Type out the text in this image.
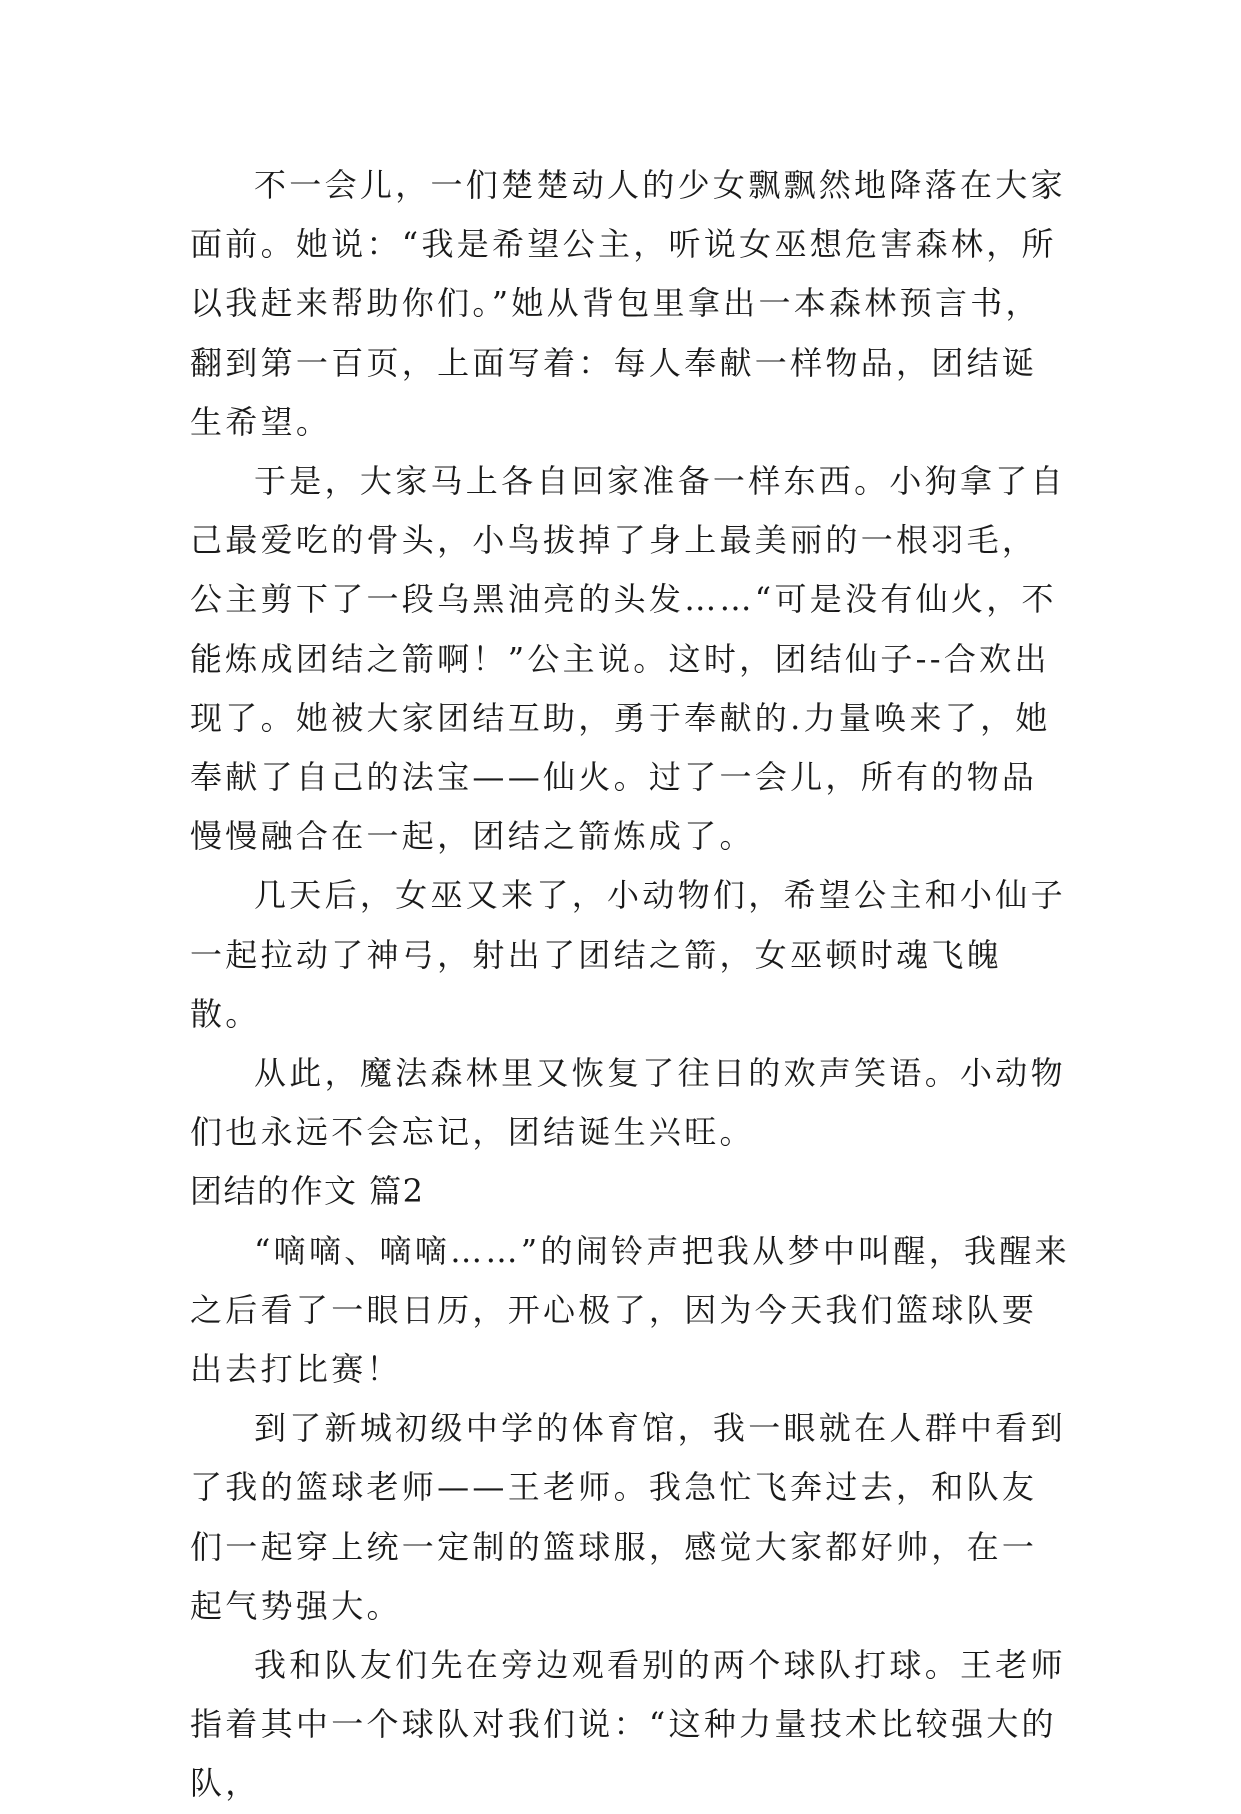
不一会儿，一们楚楚动人的少女飘飘然地降落在大家面前。她说：“我是希望公主，听说女巫想危害森林，所以我赶来帮助你们。”她从背包里拿出一本森林预言书，翻到第一百页，上面写着：每人奉献一样物品，团结诞生希望。

于是，大家马上各自回家准备一样东西。小狗拿了自己最爱吃的骨头，小鸟拔掉了身上最美丽的一根羽毛，公主剪下了一段乌黑油亮的头发……“可是没有仙火，不能炼成团结之箭啊！”公主说。这时，团结仙子--合欢出现了。她被大家团结互助，勇于奉献的.力量唤来了，她奉献了自己的法宝——仙火。过了一会儿，所有的物品慢慢融合在一起，团结之箭炼成了。

几天后，女巫又来了，小动物们，希望公主和小仙子一起拉动了神弓，射出了团结之箭，女巫顿时魂飞魄散。

从此，魔法森林里又恢复了往日的欢声笑语。小动物们也永远不会忘记，团结诞生兴旺。

团结的作文 篇2

“嘀嘀、嘀嘀……”的闹铃声把我从梦中叫醒，我醒来之后看了一眼日历，开心极了，因为今天我们篮球队要出去打比赛！

到了新城初级中学的体育馆，我一眼就在人群中看到了我的篮球老师——王老师。我急忙飞奔过去，和队友们一起穿上统一定制的篮球服，感觉大家都好帅，在一起气势强大。

我和队友们先在旁边观看别的两个球队打球。王老师指着其中一个球队对我们说：“这种力量技术比较强大的队，
